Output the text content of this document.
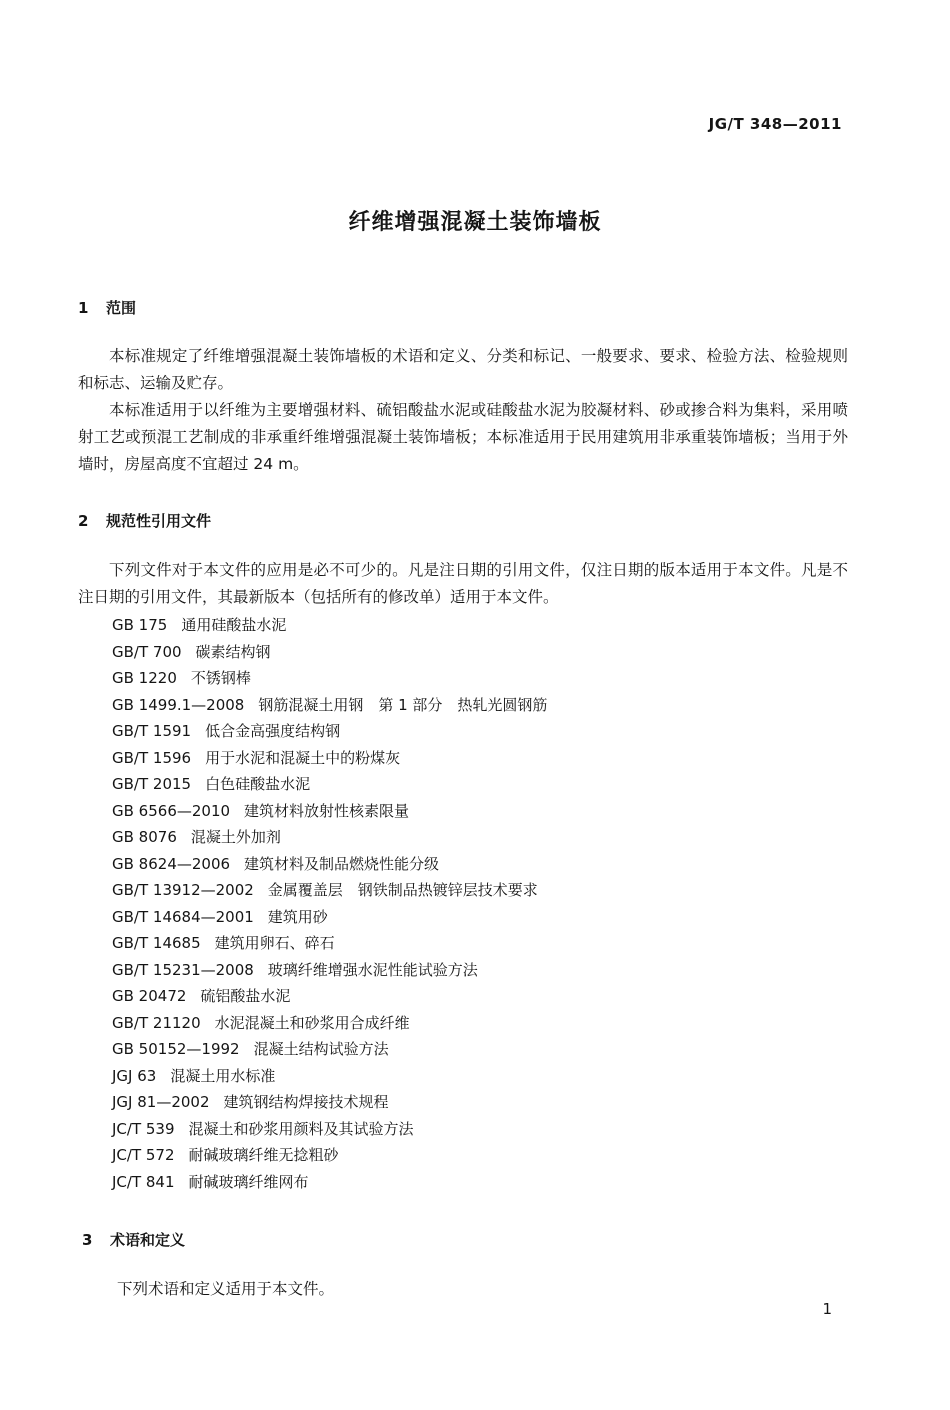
JG/T 348—2011
纤维增强混凝土装饰墙板
1 范围

本标准规定了纤维增强混凝土装饰墙板的术语和定义、分类和标记、一般要求、要求、检验方法、检验规则和标志、运输及贮存。

本标准适用于以纤维为主要增强材料、硫铝酸盐水泥或硅酸盐水泥为胶凝材料、砂或掺合料为集料，采用喷射工艺或预混工艺制成的非承重纤维增强混凝土装饰墙板；本标准适用于民用建筑用非承重装饰墙板；当用于外墙时，房屋高度不宜超过 24 m。

2 规范性引用文件

下列文件对于本文件的应用是必不可少的。凡是注日期的引用文件，仅注日期的版本适用于本文件。凡是不注日期的引用文件，其最新版本（包括所有的修改单）适用于本文件。

GB 175 通用硅酸盐水泥
GB/T 700 碳素结构钢
GB 1220 不锈钢棒
GB 1499.1—2008 钢筋混凝土用钢　第 1 部分　热轧光圆钢筋
GB/T 1591 低合金高强度结构钢
GB/T 1596 用于水泥和混凝土中的粉煤灰
GB/T 2015 白色硅酸盐水泥
GB 6566—2010 建筑材料放射性核素限量
GB 8076 混凝土外加剂
GB 8624—2006 建筑材料及制品燃烧性能分级
GB/T 13912—2002 金属覆盖层　钢铁制品热镀锌层技术要求
GB/T 14684—2001 建筑用砂
GB/T 14685 建筑用卵石、碎石
GB/T 15231—2008 玻璃纤维增强水泥性能试验方法
GB 20472 硫铝酸盐水泥
GB/T 21120 水泥混凝土和砂浆用合成纤维
GB 50152—1992 混凝土结构试验方法
JGJ 63 混凝土用水标准
JGJ 81—2002 建筑钢结构焊接技术规程
JC/T 539 混凝土和砂浆用颜料及其试验方法
JC/T 572 耐碱玻璃纤维无捻粗砂
JC/T 841 耐碱玻璃纤维网布
3 术语和定义

下列术语和定义适用于本文件。

1
